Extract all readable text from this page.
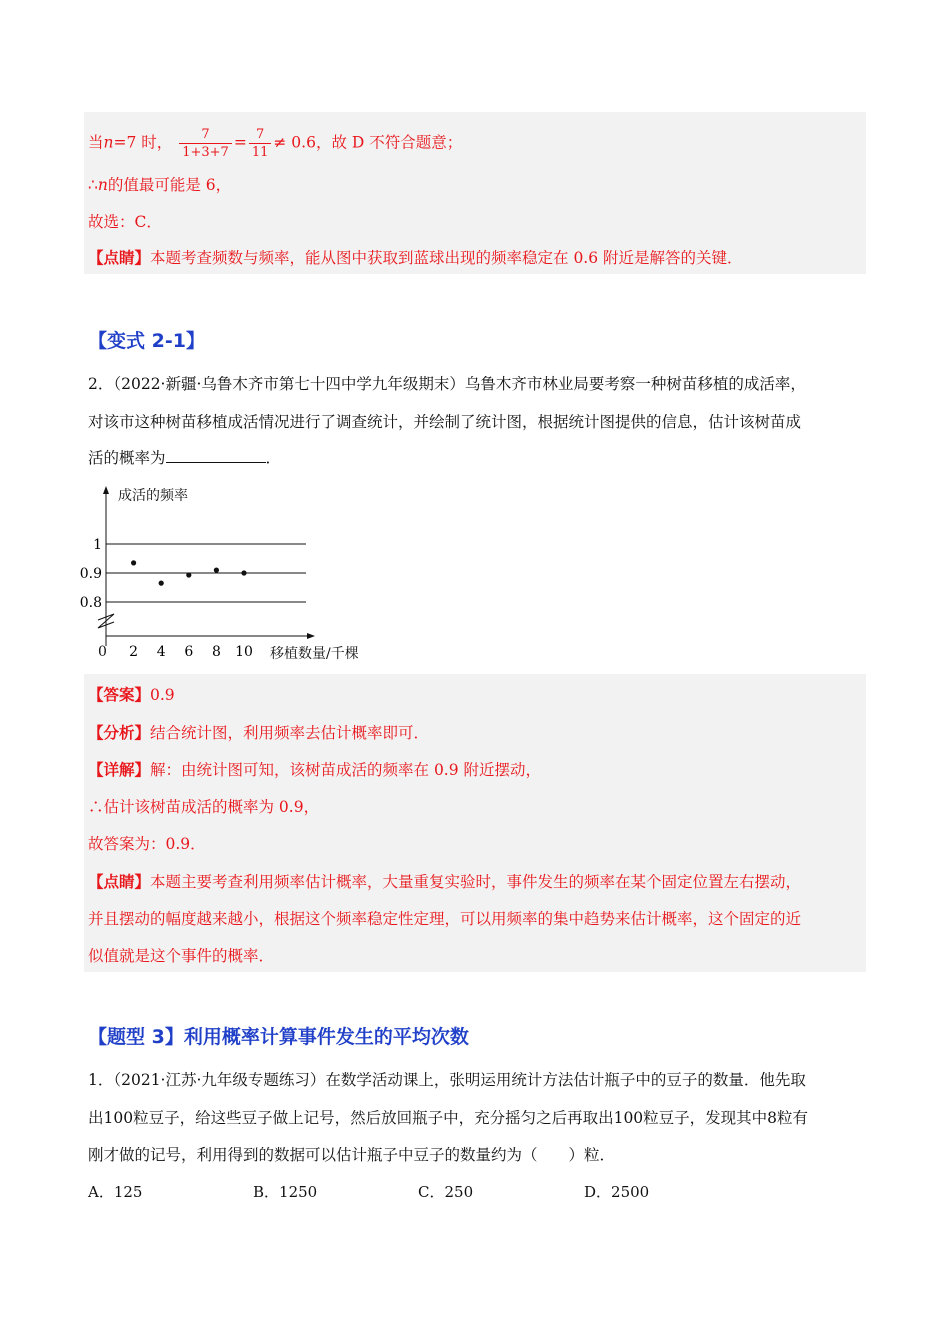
当n=7 时， $\frac{7}{1+3+7} = \frac{7}{11} \ne 0.6$，故 D 不符合题意；
∴n的值最可能是 6，
故选：C．
【点睛】本题考查频数与频率，能从图中获取到蓝球出现的频率稳定在 0.6 附近是解答的关键．
【变式 2-1】
2．（2022·新疆·乌鲁木齐市第七十四中学九年级期末）乌鲁木齐市林业局要考察一种树苗移植的成活率，
对该市这种树苗移植成活情况进行了调查统计，并绘制了统计图，根据统计图提供的信息，估计该树苗成
活的概率为	．
成活的频率
移植数量/千棵
0
0.8
0.9
1
2 4 6 8 10
【答案】0.9
【分析】结合统计图，利用频率去估计概率即可．
【详解】解：由统计图可知，该树苗成活的频率在 0.9 附近摆动，
∴估计该树苗成活的概率为 0.9，
故答案为：0.9．
【点睛】本题主要考查利用频率估计概率，大量重复实验时，事件发生的频率在某个固定位置左右摆动，
并且摆动的幅度越来越小，根据这个频率稳定性定理，可以用频率的集中趋势来估计概率，这个固定的近
似值就是这个事件的概率．
【题型 3】利用概率计算事件发生的平均次数
1．（2021·江苏·九年级专题练习）在数学活动课上，张明运用统计方法估计瓶子中的豆子的数量．他先取
出100粒豆子，给这些豆子做上记号，然后放回瓶子中，充分摇匀之后再取出100粒豆子，发现其中8粒有
刚才做的记号，利用得到的数据可以估计瓶子中豆子的数量约为（　　）粒．
A．125	B．1250	C．250	D．2500
